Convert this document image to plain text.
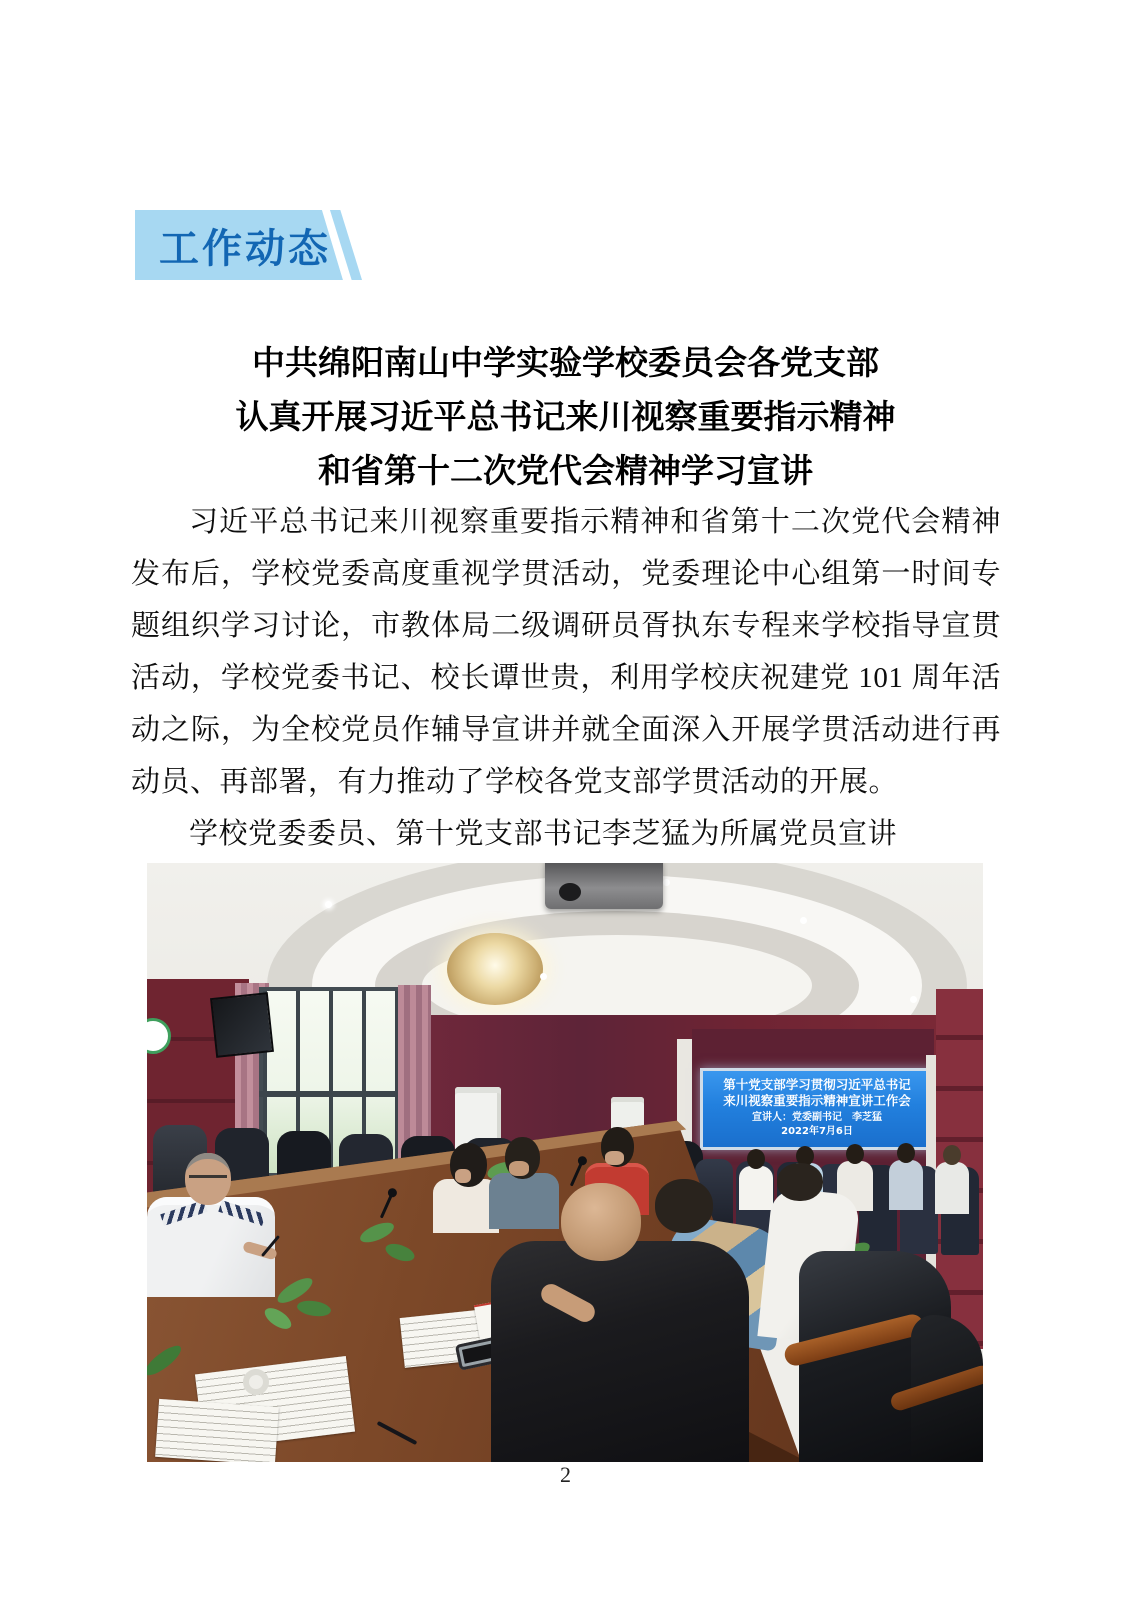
工作动态
中共绵阳南山中学实验学校委员会各党支部
认真开展习近平总书记来川视察重要指示精神
和省第十二次党代会精神学习宣讲
习近平总书记来川视察重要指示精神和省第十二次党代会精神
发布后，学校党委高度重视学贯活动，党委理论中心组第一时间专
题组织学习讨论，市教体局二级调研员胥执东专程来学校指导宣贯
活动，学校党委书记、校长谭世贵，利用学校庆祝建党 101 周年活
动之际，为全校党员作辅导宣讲并就全面深入开展学贯活动进行再
动员、再部署，有力推动了学校各党支部学贯活动的开展。
学校党委委员、第十党支部书记李芝猛为所属党员宣讲
第十党支部学习贯彻习近平总书记
来川视察重要指示精神宣讲工作会
宣讲人：党委副书记　李芝猛
2022年7月6日
2
